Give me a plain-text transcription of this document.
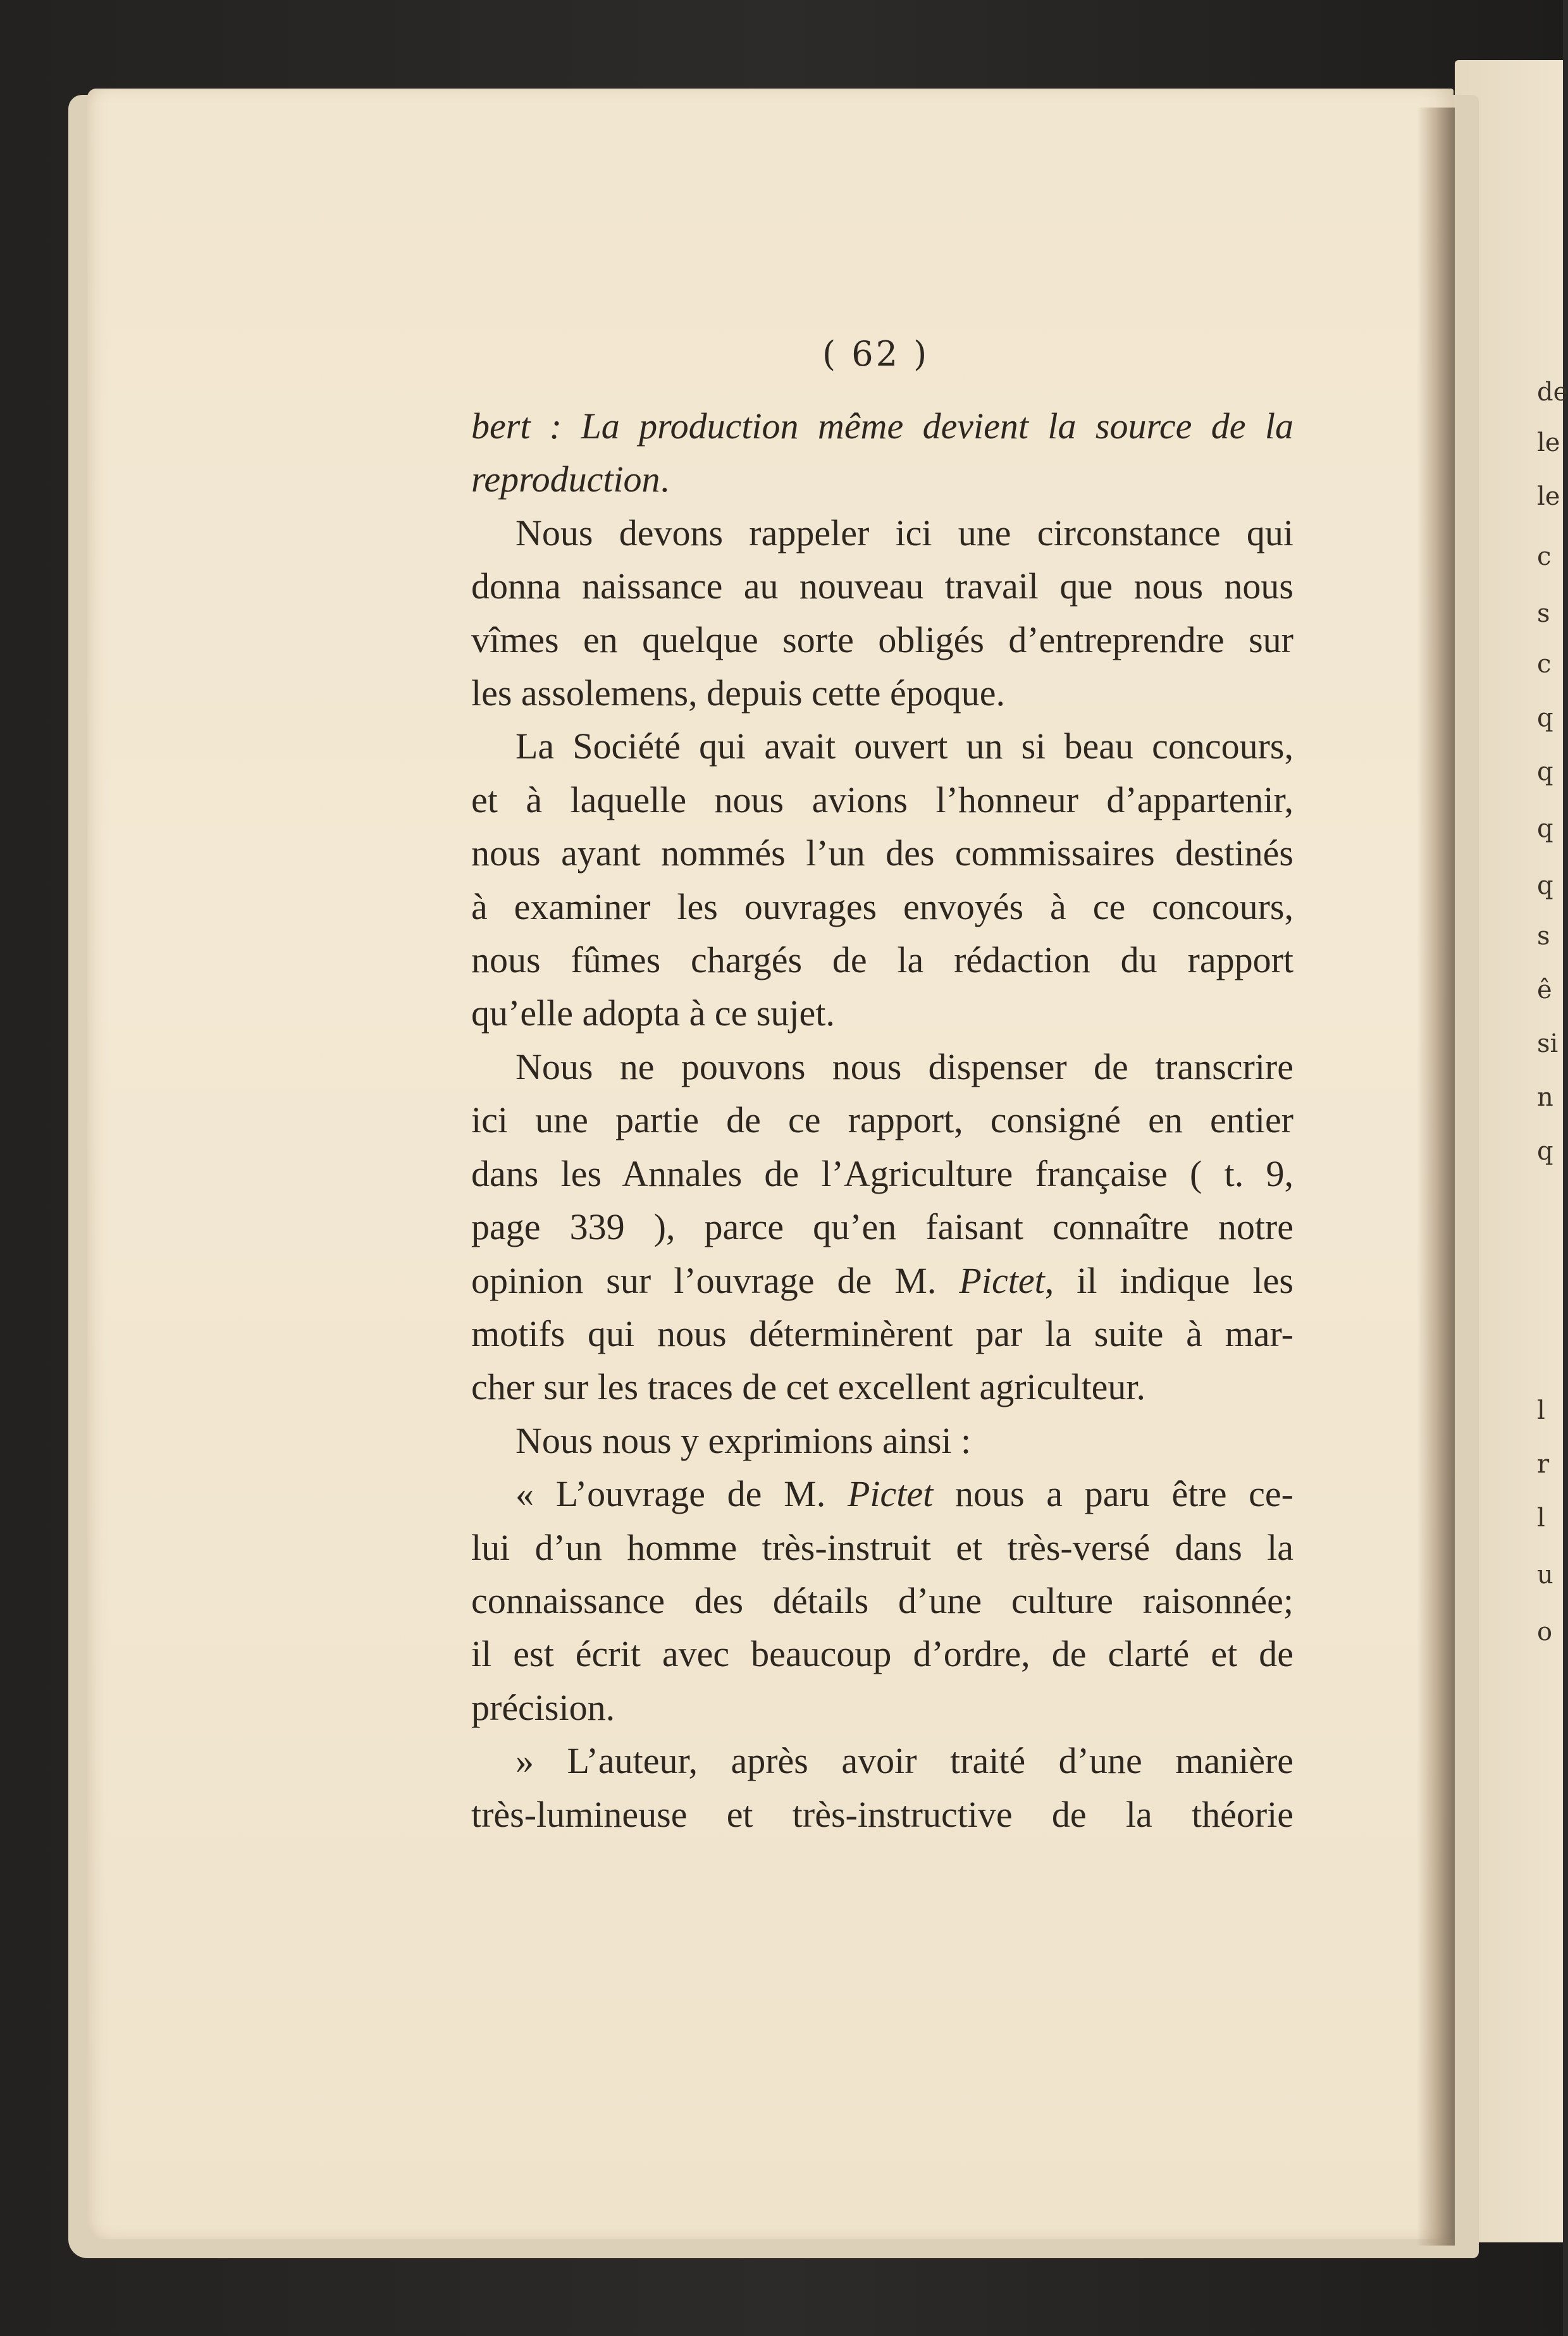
( 62 )

bert : La production même devient la source de la

reproduction.

Nous devons rappeler ici une circonstance qui

donna naissance au nouveau travail que nous nous

vîmes en quelque sorte obligés d’entreprendre sur

les assolemens, depuis cette époque.

La Société qui avait ouvert un si beau concours,

et à laquelle nous avions l’honneur d’appartenir,

nous ayant nommés l’un des commissaires destinés

à examiner les ouvrages envoyés à ce concours,

nous fûmes chargés de la rédaction du rapport

qu’elle adopta à ce sujet.

Nous ne pouvons nous dispenser de transcrire

ici une partie de ce rapport, consigné en entier

dans les Annales de l’Agriculture française ( t. 9,

page 339 ), parce qu’en faisant connaître notre

opinion sur l’ouvrage de M. Pictet, il indique les

motifs qui nous déterminèrent par la suite à mar-

cher sur les traces de cet excellent agriculteur.

Nous nous y exprimions ainsi :

« L’ouvrage de M. Pictet nous a paru être ce-

lui d’un homme très-instruit et très-versé dans la

connaissance des détails d’une culture raisonnée;

il est écrit avec beaucoup d’ordre, de clarté et de

précision.

» L’auteur, après avoir traité d’une manière

très-lumineuse et très-instructive de la théorie

de
le
le
c
s
c
q
q
q
q
s
ê
si
n
q
l
r
l
u
o
